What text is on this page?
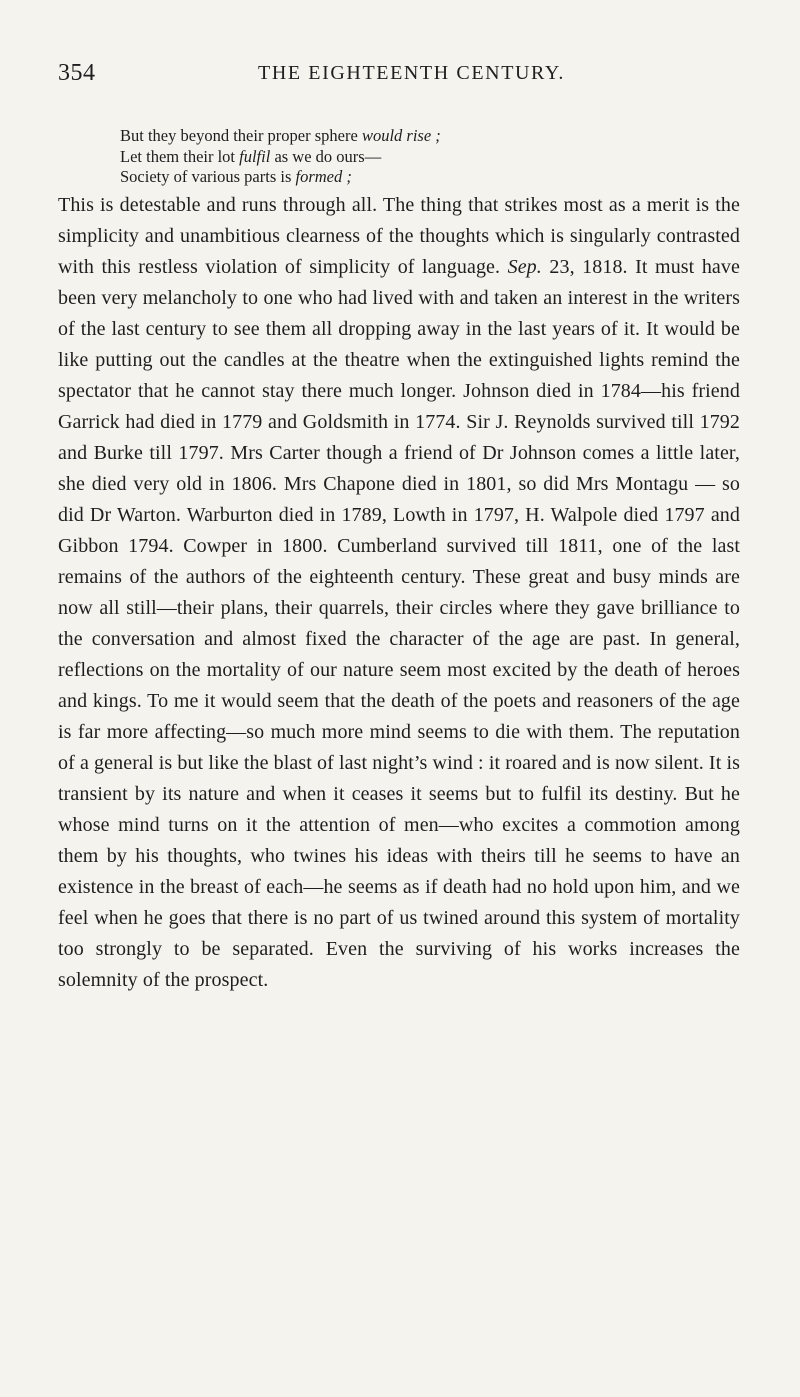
354	THE EIGHTEENTH CENTURY.
But they beyond their proper sphere would rise ;
Let them their lot fulfil as we do ours—
Society of various parts is formed ;

This is detestable and runs through all. The thing that strikes most as a merit is the simplicity and unambitious clearness of the thoughts which is singularly contrasted with this restless violation of simplicity of language. Sep. 23, 1818. It must have been very melancholy to one who had lived with and taken an interest in the writers of the last century to see them all dropping away in the last years of it. It would be like putting out the candles at the theatre when the extinguished lights remind the spectator that he cannot stay there much longer. Johnson died in 1784—his friend Garrick had died in 1779 and Goldsmith in 1774. Sir J. Reynolds survived till 1792 and Burke till 1797. Mrs Carter though a friend of Dr Johnson comes a little later, she died very old in 1806. Mrs Chapone died in 1801, so did Mrs Montagu — so did Dr Warton. Warburton died in 1789, Lowth in 1797, H. Walpole died 1797 and Gibbon 1794. Cowper in 1800. Cumberland survived till 1811, one of the last remains of the authors of the eighteenth century. These great and busy minds are now all still—their plans, their quarrels, their circles where they gave brilliance to the conversation and almost fixed the character of the age are past. In general, reflections on the mortality of our nature seem most excited by the death of heroes and kings. To me it would seem that the death of the poets and reasoners of the age is far more affecting—so much more mind seems to die with them. The reputation of a general is but like the blast of last night’s wind : it roared and is now silent. It is transient by its nature and when it ceases it seems but to fulfil its destiny. But he whose mind turns on it the attention of men—who excites a commotion among them by his thoughts, who twines his ideas with theirs till he seems to have an existence in the breast of each—he seems as if death had no hold upon him, and we feel when he goes that there is no part of us twined around this system of mortality too strongly to be separated. Even the surviving of his works increases the solemnity of the prospect.
